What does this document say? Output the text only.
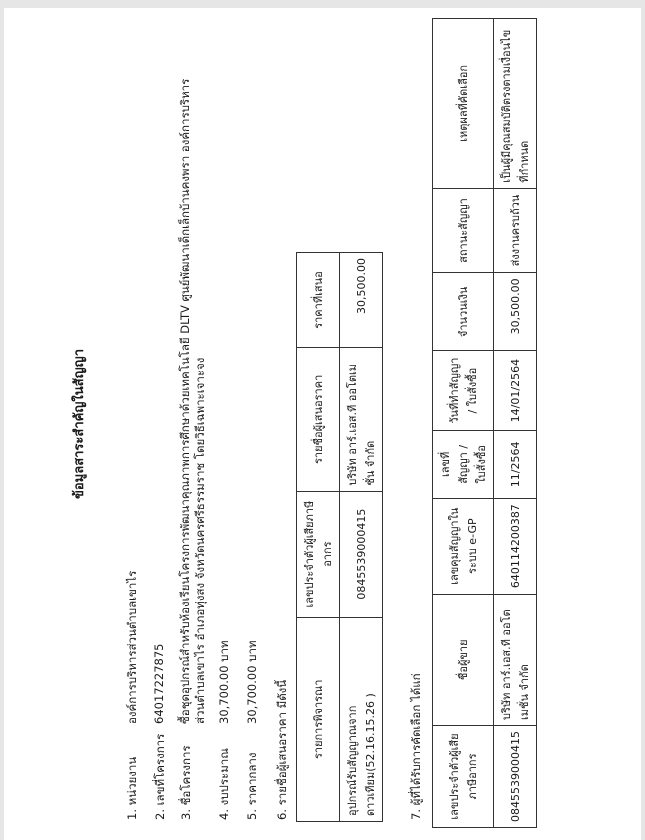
ข้อมูลสาระสำคัญในสัญญา
1. หน่วยงานองค์การบริหารส่วนตำบลเขาไร
2. เลขที่โครงการ64017227875
3. ชื่อโครงการซื้อชุดอุปกรณ์สำหรับห้องเรียนโครงการพัฒนาคุณภาพการศึกษาด้วยเทคโนโลยี DLTV ศูนย์พัฒนาเด็กเล็กบ้านคงพรา องค์การบริหารส่วนตำบลเขาไร อำเภอทุ่งสง จังหวัดนครศรีธรรมราช โดยวิธีเฉพาะเจาะจง
4. งบประมาณ30,700.00 บาท
5. ราคากลาง30,700.00 บาท 6. รายชื่อผู้เสนอราคา มีดังนี้ รายการพิจารณา	เลขประจำตัวผู้เสียภาษีอากร	รายชื่อผู้เสนอราคา	ราคาที่เสนอ
อุปกรณ์รับสัญญาณจากดาวเทียม(52.16.15.26 )	0845539000415	บริษัท อาร์.เอส.ที ออโตเมชั่น จำกัด	30,500.00
7. ผู้ที่ได้รับการคัดเลือก ได้แก่ เลขประจำตัวผู้เสียภาษีอากร	ชื่อผู้ขาย	เลขคุมสัญญาในระบบ e-GP	เลขที่สัญญา / ใบสั่งซื้อ	วันที่ทำสัญญา / ใบสั่งซื้อ	จำนวนเงิน	สถานะสัญญา	เหตุผลที่คัดเลือก
0845539000415	บริษัท อาร์.เอส.ที ออโตเมชั่น จำกัด	640114200387	11/2564	14/01/2564	30,500.00	ส่งงานครบถ้วน	เป็นผู้มีคุณสมบัติตรงตามเงื่อนไขที่กำหนด
